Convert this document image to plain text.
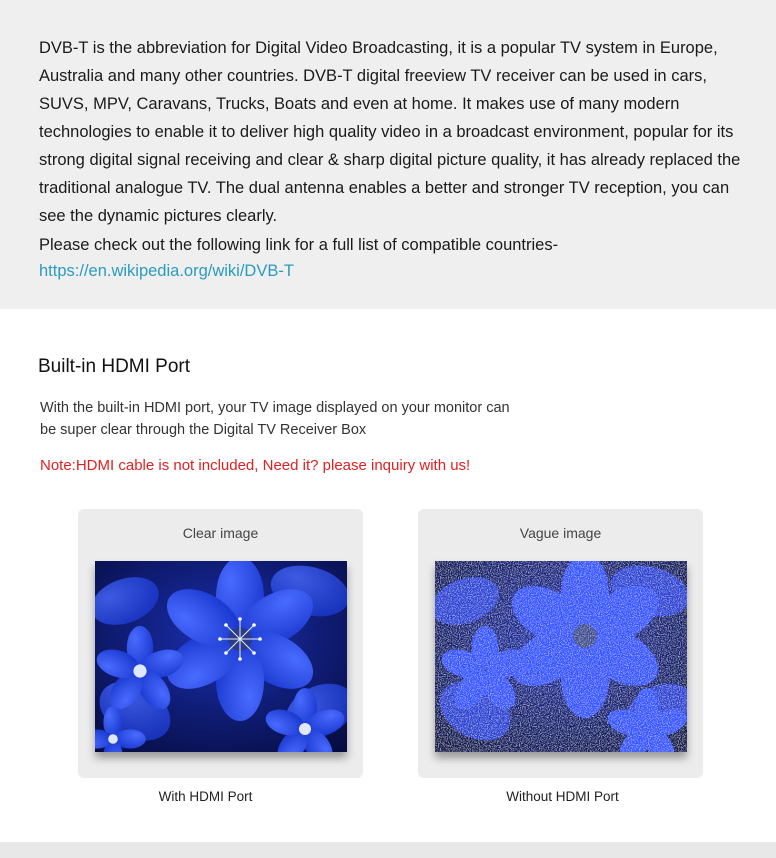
DVB-T is the abbreviation for Digital Video Broadcasting, it is a popular TV system in Europe, Australia and many other countries. DVB-T digital freeview TV receiver can be used in cars, SUVS, MPV, Caravans, Trucks, Boats and even at home. It makes use of many modern technologies to enable it to deliver high quality video in a broadcast environment, popular for its strong digital signal receiving and clear & sharp digital picture quality, it has already replaced the traditional analogue TV. The dual antenna enables a better and stronger TV reception, you can see the dynamic pictures clearly.

Please check out the following link for a full list of compatible countries-

https://en.wikipedia.org/wiki/DVB-T
Built-in HDMI Port
With the built-in HDMI port, your TV image displayed on your monitor can be super clear through the Digital TV Receiver Box
Note:HDMI cable is not included, Need it? please inquiry with us!
Clear image	Vague image
With HDMI Port	Without HDMI Port
